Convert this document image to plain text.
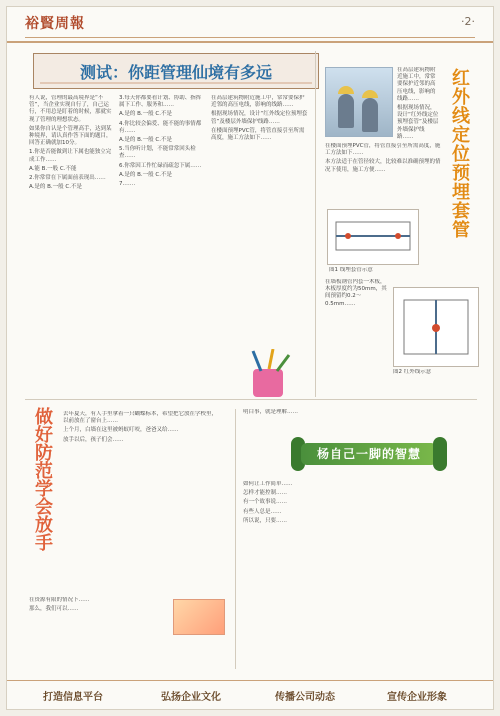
裕賢周報	·2·
测试：你距管理仙境有多远

有人说，管理的最高境界是“不管”，当企业实现自行了，自己运行，不用总是盯着的时候，那就实现了管理的理想状态。

如果你自认是个管理高手，达到某种境界，请认真作答下面的题目，回答正确就加10分。

1.你是否能做到让下属也能独立完成工作……

A.能 B.一般 C.不能

2.你常常在下属面前表现出……

A.是的 B.一般 C.不是

3.每天你都要看计划、协助、指挥属下工作、服务和……

A.是的 B.一般 C.不是

4.你比较会偏爱、能不能的事情都有……

A.是的 B.一般 C.不是

5.当你听计划，不能常常回头检查……

6.你常因工作忙碌而疏忽下属……

A.是的 B.一般 C.不是

7.……

在高层建筑物附近施工中，常常要保护近邻的高压电线，影响的线路……

根据现场情况，设计“红外线定位预埋套管”及楼层外墙保护线路……

在楼面预埋PVC管，将管直接引至所需高度，施工方法如下……

在高层建筑物附近施工中，常常要保护近邻的高压电线，影响的线路……

根据现场情况，设计“红外线定位预埋套管”及楼层外墙保护线路……

红
外
线
定
位
预
埋
套
管

在楼面预埋PVC管，将管直接引至所需高度，施工方法如下……

本方法适于在管径较大，比较难以准确预埋的情况下使用，施工方便……

图1 线埋套管示意

在墙板钢管内套一木板，木板厚度约为50mm，其间预留约0.2～0.5mm……

图2 红外线示意
做
好
防
范
学
会
放
手

去年夏天，有人手里拿着一只蝴蝶标本，希望把它放在学校里，以前放在了窗台上……

上个月，白墙在这里被蚂蚁叮咬，爸爸又给……

放手以后，孩子们会……

在资源有限的情况下……

那么，我们可以……

明白事，就是理解……

杨自己一脚的智慧

如何让工作简单……

怎样才能控制……

有一个故事说……

有些人总是……

所以说，只要……

打造信息平台	弘扬企业文化	传播公司动态	宣传企业形象
